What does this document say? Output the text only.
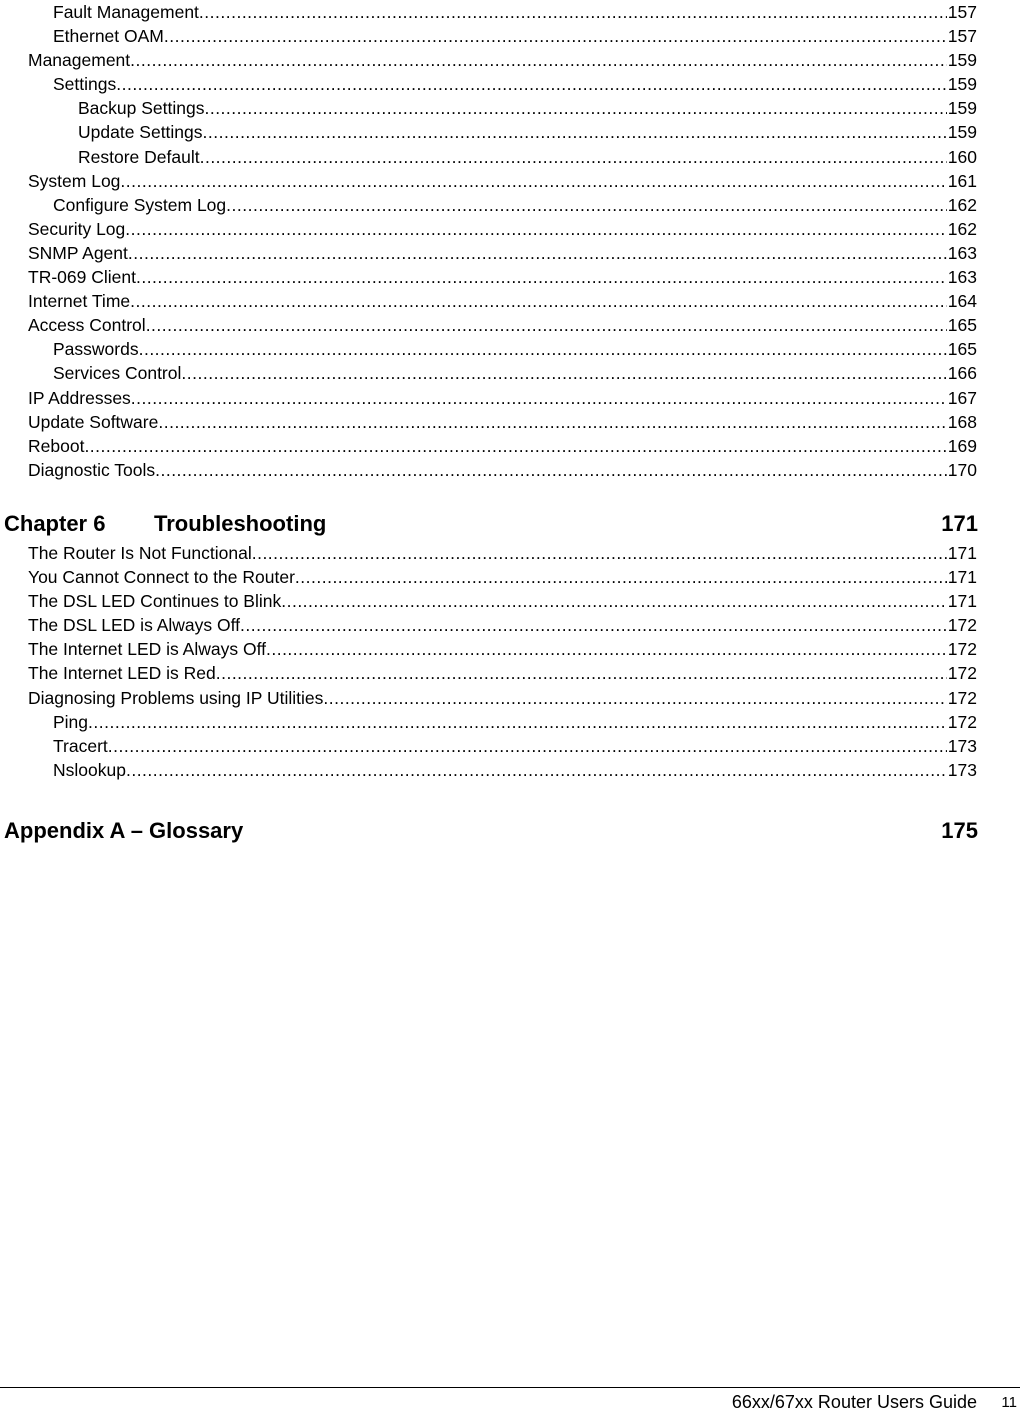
Fault Management .....	157
Ethernet OAM .....	157
Management .....	159
Settings .....	159
Backup Settings .....	159
Update Settings .....	159
Restore Default .....	160
System Log .....	161
Configure System Log .....	162
Security Log .....	162
SNMP Agent .....	163
TR-069 Client .....	163
Internet Time .....	164
Access Control .....	165
Passwords .....	165
Services Control .....	166
IP Addresses .....	167
Update Software .....	168
Reboot .....	169
Diagnostic Tools .....	170
Chapter 6	Troubleshooting	171
The Router Is Not Functional .....	171
You Cannot Connect to the Router .....	171
The DSL LED Continues to Blink .....	171
The DSL LED is Always Off .....	172
The Internet LED is Always Off .....	172
The Internet LED is Red .....	172
Diagnosing Problems using IP Utilities .....	172
Ping .....	172
Tracert .....	173
Nslookup .....	173
Appendix A – Glossary	175
66xx/67xx Router Users Guide 11
